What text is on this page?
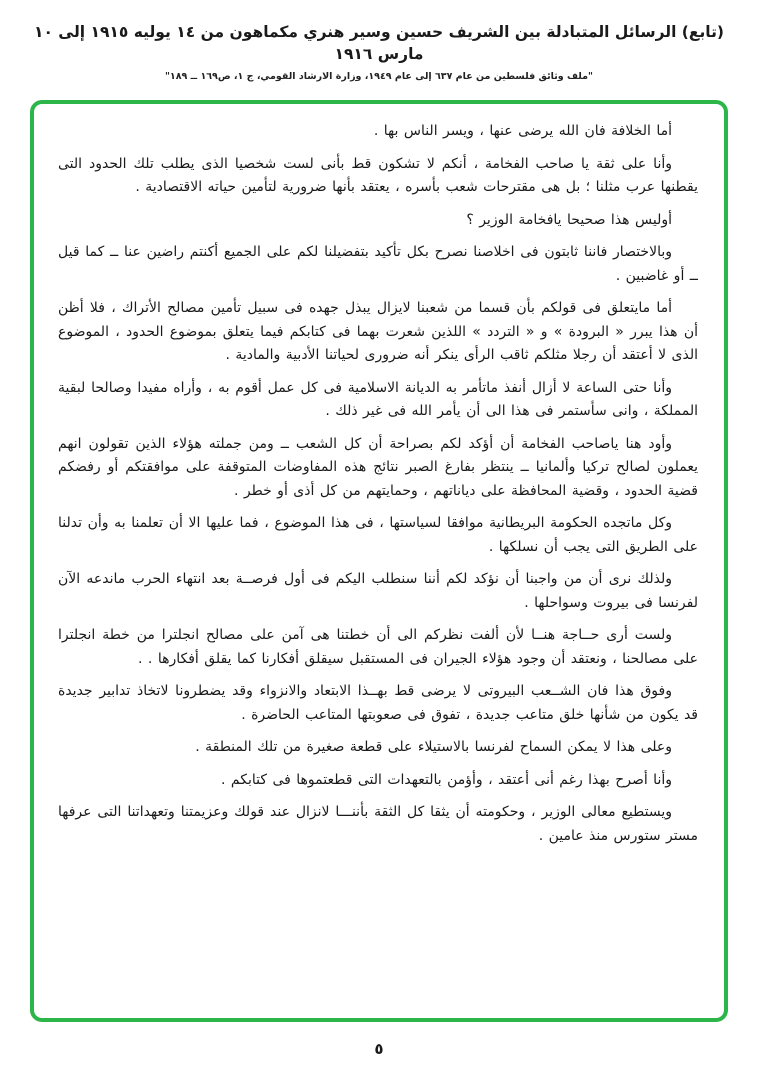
(تابع) الرسائل المتبادلة بين الشريف حسين وسير هنري مكماهون من ١٤ يوليه ١٩١٥ إلى ١٠ مارس ١٩١٦
"ملف وثائق فلسطين من عام ٦٣٧ إلى عام ١٩٤٩، وزارة الارشاد القومي، ج ١، ص١٦٩ ــ ١٨٩"

أما الخلافة فان الله يرضى عنها ، ويسر الناس بها .

وأنا على ثقة يا صاحب الفخامة ، أنكم لا تشكون قط بأنى لست شخصيا الذى يطلب تلك الحدود التى يقطنها عرب مثلنا ؛ بل هى مقترحات شعب بأسره ، يعتقد بأنها ضرورية لتأمين حياته الاقتصادية .

أوليس هذا صحيحا يافخامة الوزير ؟

وبالاختصار فاننا ثابتون فى اخلاصنا نصرح بكل تأكيد بتفضيلنا لكم على الجميع أكنتم راضين عنا ــ كما قيل ــ أو غاضبين .

أما مايتعلق فى قولكم بأن قسما من شعبنا لايزال يبذل جهده فى سبيل تأمين مصالح الأتراك ، فلا أظن أن هذا يبرر « البرودة » و « التردد » اللذين شعرت بهما فى كتابكم فيما يتعلق بموضوع الحدود ، الموضوع الذى لا أعتقد أن رجلا مثلكم ثاقب الرأى ينكر أنه ضرورى لحياتنا الأدبية والمادية .

وأنا حتى الساعة لا أزال أنفذ ماتأمر به الديانة الاسلامية فى كل عمل أقوم به ، وأراه مفيدا وصالحا لبقية المملكة ، وانى سأستمر فى هذا الى أن يأمر الله فى غير ذلك .

وأود هنا ياصاحب الفخامة أن أؤكد لكم بصراحة أن كل الشعب ــ ومن جملته هؤلاء الذين تقولون انهم يعملون لصالح تركيا وألمانيا ــ ينتظر بفارغ الصبر نتائج هذه المفاوضات المتوقفة على موافقتكم أو رفضكم قضية الحدود ، وقضية المحافظة على دياناتهم ، وحمايتهم من كل أذى أو خطر .

وكل ماتجده الحكومة البريطانية موافقا لسياستها ، فى هذا الموضوع ، فما عليها الا أن تعلمنا به وأن تدلنا على الطريق التى يجب أن نسلكها .

ولذلك نرى أن من واجبنا أن نؤكد لكم أننا سنطلب اليكم فى أول فرصــة بعد انتهاء الحرب ماندعه الآن لفرنسا فى بيروت وسواحلها .

ولست أرى حــاجة هنــا لأن ألفت نظركم الى أن خطتنا هى آمن على مصالح انجلترا من خطة انجلترا على مصالحنا ، ونعتقد أن وجود هؤلاء الجيران فى المستقبل سيقلق أفكارنا كما يقلق أفكارها . .

وفوق هذا فان الشــعب البيروتى لا يرضى قط بهــذا الابتعاد والانزواء وقد يضطرونا لاتخاذ تدابير جديدة قد يكون من شأنها خلق متاعب جديدة ، تفوق فى صعوبتها المتاعب الحاضرة .

وعلى هذا لا يمكن السماح لفرنسا بالاستيلاء على قطعة صغيرة من تلك المنطقة .

وأنا أصرح بهذا رغم أنى أعتقد ، وأؤمن بالتعهدات التى قطعتموها فى كتابكم .

ويستطيع معالى الوزير ، وحكومته أن يثقا كل الثقة بأننـــا لانزال عند قولك وعزيمتنا وتعهداتنا التى عرفها مستر ستورس منذ عامين .

٥
